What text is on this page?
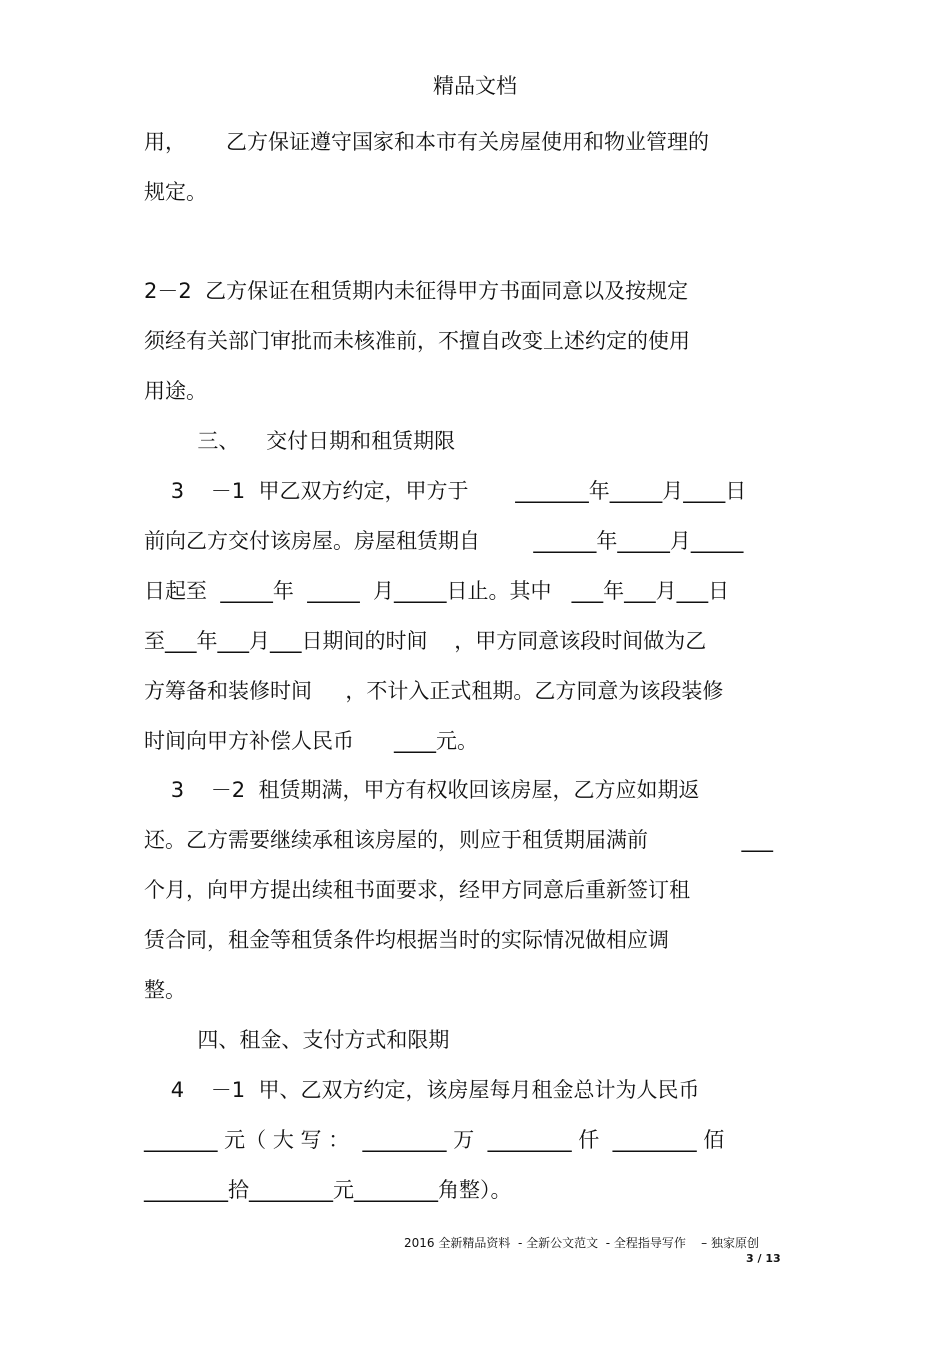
精品文档
用，      乙方保证遵守国家和本市有关房屋使用和物业管理的
规定。
2－2  乙方保证在租赁期内未征得甲方书面同意以及按规定
须经有关部门审批而未核准前，不擅自改变上述约定的使用
用途。
三、    交付日期和租赁期限
3    －1  甲乙双方约定，甲方于       _______年_____月____日
前向乙方交付该房屋。房屋租赁期自        ______年_____月_____
日起至  _____年  _____  月_____日止。其中   ___年___月___日
至___年___月___日期间的时间    ，甲方同意该段时间做为乙
方筹备和装修时间     ，不计入正式租期。乙方同意为该段装修
时间向甲方补偿人民币      ____元。
3    －2  租赁期满，甲方有权收回该房屋，乙方应如期返
还。乙方需要继续承租该房屋的，则应于租赁期届满前              ___
个月，向甲方提出续租书面要求，经甲方同意后重新签订租
赁合同，租金等租赁条件均根据当时的实际情况做相应调
整。
四、租金、支付方式和限期
4    －1  甲、乙双方约定，该房屋每月租金总计为人民币
_______ 元（ 大 写 ：  ________ 万  ________ 仟  ________ 佰
________拾________元________角整）。
2016 全新精品资料  - 全新公文范文  - 全程指导写作    – 独家原创
3 / 13
